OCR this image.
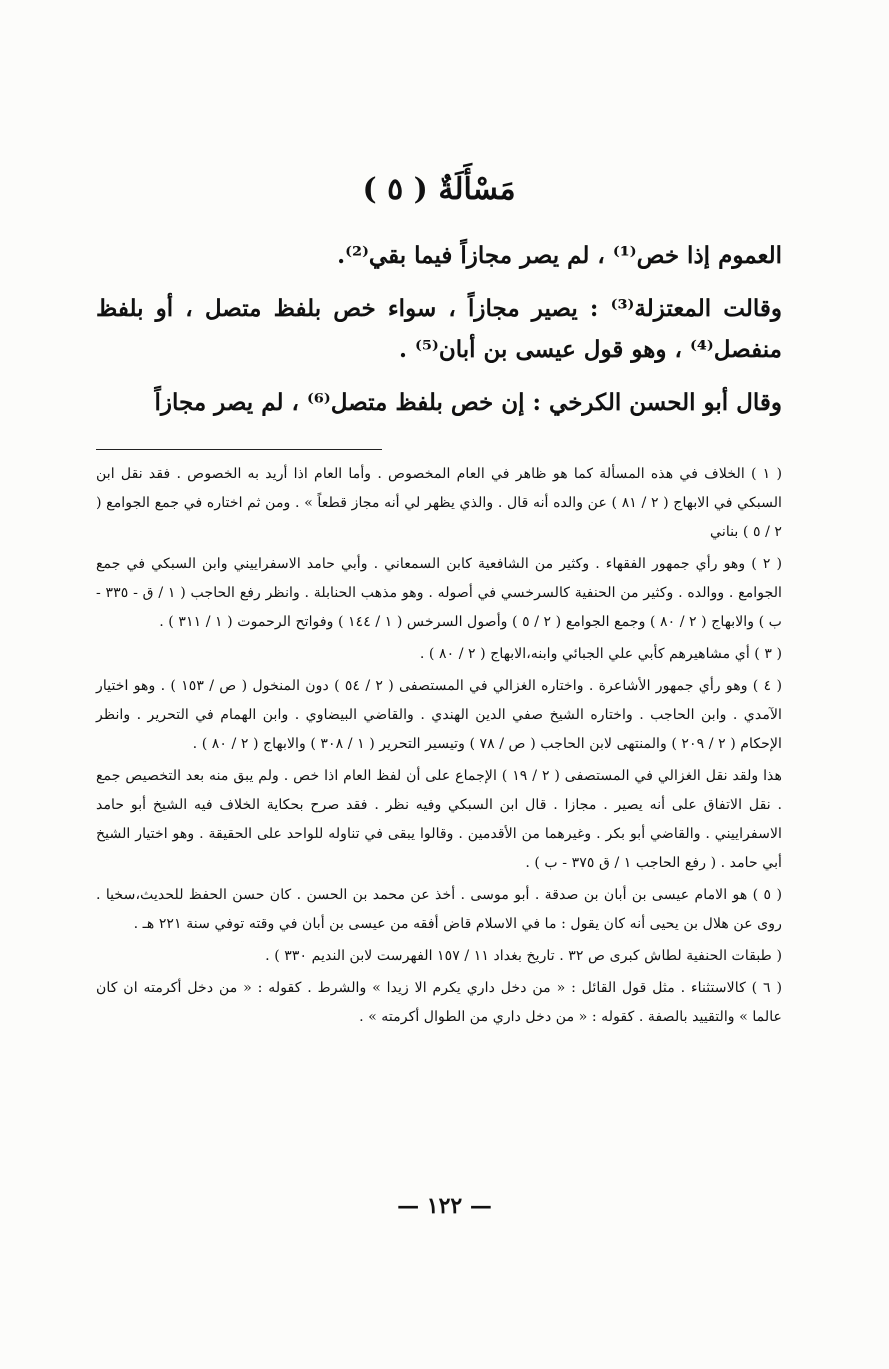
مَسْأَلَةٌ ( ٥ )

العموم إذا خص⁽¹⁾ ، لم يصر مجازاً فيما بقي⁽²⁾.

وقالت المعتزلة⁽³⁾ : يصير مجازاً ، سواء خص بلفظ متصل ، أو بلفظ منفصل⁽⁴⁾ ، وهو قول عيسى بن أبان⁽⁵⁾ .

وقال أبو الحسن الكرخي : إن خص بلفظ متصل⁽⁶⁾ ، لم يصر مجازاً

( ١ ) الخلاف في هذه المسألة كما هو ظاهر في العام المخصوص . وأما العام اذا أريد به الخصوص . فقد نقل ابن السبكي في الابهاج ( ٢ / ٨١ ) عن والده أنه قال . والذي يظهر لي أنه مجاز قطعاً » . ومن ثم اختاره في جمع الجوامع ( ٢ / ٥ ) بناني

( ٢ ) وهو رأي جمهور الفقهاء . وكثير من الشافعية كابن السمعاني . وأبي حامد الاسفراييني وابن السبكي في جمع الجوامع . ووالده . وكثير من الحنفية كالسرخسي في أصوله . وهو مذهب الحنابلة . وانظر رفع الحاجب ( ١ / ق - ٣٣٥ - ب ) والابهاج ( ٢ / ٨٠ ) وجمع الجوامع ( ٢ / ٥ ) وأصول السرخس ( ١ / ١٤٤ ) وفواتح الرحموت ( ١ / ٣١١ ) .

( ٣ ) أي مشاهيرهم كأبي علي الجبائي وابنه،الابهاج ( ٢ / ٨٠ ) .

( ٤ ) وهو رأي جمهور الأشاعرة . واختاره الغزالي في المستصفى ( ٢ / ٥٤ ) دون المنخول ( ص / ١٥٣ ) . وهو اختيار الآمدي . وابن الحاجب . واختاره الشيخ صفي الدين الهندي . والقاضي البيضاوي . وابن الهمام في التحرير . وانظر الإحكام ( ٢ / ٢٠٩ ) والمنتهى لابن الحاجب ( ص / ٧٨ ) وتيسير التحرير ( ١ / ٣٠٨ ) والابهاج ( ٢ / ٨٠ ) .

هذا ولقد نقل الغزالي في المستصفى ( ٢ / ١٩ ) الإجماع على أن لفظ العام اذا خص . ولم يبق منه بعد التخصيص جمع . نقل الاتفاق على أنه يصير . مجازا . قال ابن السبكي وفيه نظر . فقد صرح بحكاية الخلاف فيه الشيخ أبو حامد الاسفراييني . والقاضي أبو بكر . وغيرهما من الأقدمين . وقالوا يبقى في تناوله للواحد على الحقيقة . وهو اختيار الشيخ أبي حامد . ( رفع الحاجب ١ / ق ٣٧٥ - ب ) .

( ٥ ) هو الامام عيسى بن أبان بن صدقة . أبو موسى . أخذ عن محمد بن الحسن . كان حسن الحفظ للحديث،سخيا . روى عن هلال بن يحيى أنه كان يقول : ما في الاسلام قاض أفقه من عيسى بن أبان في وقته توفي سنة ٢٢١ هـ .

( طبقات الحنفية لطاش كبرى ص ٣٢ . تاريخ بغداد ١١ / ١٥٧ الفهرست لابن النديم ٣٣٠ ) .

( ٦ ) كالاستثناء . مثل قول القائل : « من دخل داري يكرم الا زيدا » والشرط . كقوله : « من دخل أكرمته ان كان عالما » والتقييد بالصفة . كقوله : « من دخل داري من الطوال أكرمته » .

— ١٢٢ —
